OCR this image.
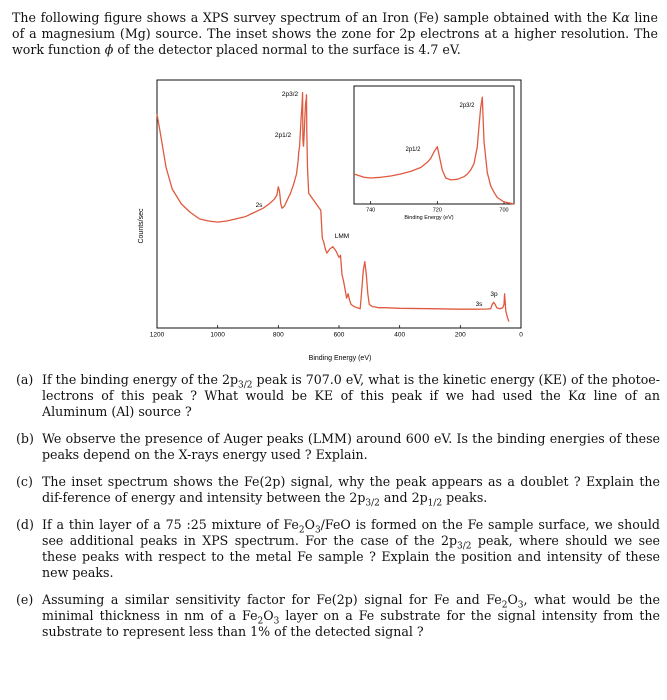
The following figure shows a XPS survey spectrum of an Iron (Fe) sample obtained with the Kα line of a magnesium (Mg) source. The inset shows the zone for 2p electrons at a higher resolution. The work function ϕ of the detector placed normal to the surface is 4.7 eV.
1200	1000	800	600	400	200	0
740	720	700
Counts/sec
Binding Energy (eV)
Binding Energy (eV)
2p3/2
2p1/2
2s
LMM
3s
3p
2p3/2
2p1/2
(a) If the binding energy of the $2p_{3/2}$ peak is 707.0 eV, what is the kinetic energy (KE) of the photoe-lectrons of this peak ? What would be KE of this peak if we had used the Kα line of an Aluminum (Al) source ?
(b) We observe the presence of Auger peaks (LMM) around 600 eV. Is the binding energies of these peaks depend on the X-rays energy used ? Explain.
(c) The inset spectrum shows the Fe(2p) signal, why the peak appears as a doublet ? Explain the dif-ference of energy and intensity between the $2p_{3/2}$ and $2p_{1/2}$ peaks.
(d) If a thin layer of a 75 :25 mixture of $Fe_2O_3$/FeO is formed on the Fe sample surface, we should see additional peaks in XPS spectrum. For the case of the $2p_{3/2}$ peak, where should we see these peaks with respect to the metal Fe sample ? Explain the position and intensity of these new peaks.
(e) Assuming a similar sensitivity factor for Fe(2p) signal for Fe and $Fe_2O_3$, what would be the minimal thickness in nm of a $Fe_2O_3$ layer on a Fe substrate for the signal intensity from the substrate to represent less than 1% of the detected signal ?
